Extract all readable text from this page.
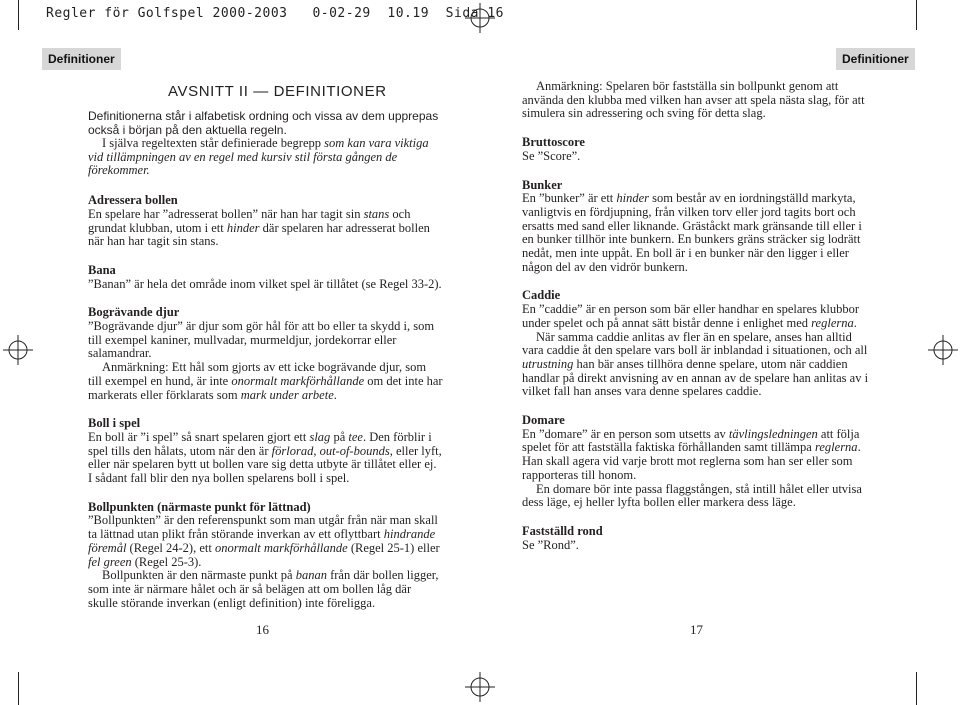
Regler för Golfspel 2000-2003   0-02-29  10.19  Sida 16
Definitioner	Definitioner
AVSNITT II — DEFINITIONER

Definitionerna står i alfabetisk ordning och vissa av dem upprepas också i början på den aktuella regeln.

I själva regeltexten står definierade begrepp som kan vara viktiga vid tillämpningen av en regel med kursiv stil första gången de förekommer.

Adressera bollen

En spelare har ”adresserat bollen” när han har tagit sin stans och grundat klubban, utom i ett hinder där spelaren har adresserat bollen när han har tagit sin stans.

Bana

”Banan” är hela det område inom vilket spel är tillåtet (se Regel 33-2).

Bogrävande djur

”Bogrävande djur” är djur som gör hål för att bo eller ta skydd i, som till exempel kaniner, mullvadar, murmeldjur, jordekorrar eller salamandrar.

Anmärkning: Ett hål som gjorts av ett icke bogrävande djur, som till exempel en hund, är inte onormalt markförhållande om det inte har markerats eller förklarats som mark under arbete.

Boll i spel

En boll är ”i spel” så snart spelaren gjort ett slag på tee. Den förblir i spel tills den hålats, utom när den är förlorad, out-of-bounds, eller lyft, eller när spelaren bytt ut bollen vare sig detta utbyte är tillåtet eller ej. I sådant fall blir den nya bollen spelarens boll i spel.

Bollpunkten (närmaste punkt för lättnad)

”Bollpunkten” är den referenspunkt som man utgår från när man skall ta lättnad utan plikt från störande inverkan av ett oflyttbart hindrande föremål (Regel 24-2), ett onormalt markförhållande (Regel 25-1) eller fel green (Regel 25-3).

Bollpunkten är den närmaste punkt på banan från där bollen ligger, som inte är närmare hålet och är så belägen att om bollen låg där skulle störande inverkan (enligt definition) inte föreligga.

16

Anmärkning: Spelaren bör fastställa sin bollpunkt genom att använda den klubba med vilken han avser att spela nästa slag, för att simulera sin adressering och sving för detta slag.

Bruttoscore

Se ”Score”.

Bunker

En ”bunker” är ett hinder som består av en iordningställd markyta, vanligtvis en fördjupning, från vilken torv eller jord tagits bort och ersatts med sand eller liknande. Gräståckt mark gränsande till eller i en bunker tillhör inte bunkern. En bunkers gräns sträcker sig lodrätt nedåt, men inte uppåt. En boll är i en bunker när den ligger i eller någon del av den vidrör bunkern.

Caddie

En ”caddie” är en person som bär eller handhar en spelares klubbor under spelet och på annat sätt bistår denne i enlighet med reglerna.

När samma caddie anlitas av fler än en spelare, anses han alltid vara caddie åt den spelare vars boll är inblandad i situationen, och all utrustning han bär anses tillhöra denne spelare, utom när caddien handlar på direkt anvisning av en annan av de spelare han anlitas av i vilket fall han anses vara denne spelares caddie.

Domare

En ”domare” är en person som utsetts av tävlingsledningen att följa spelet för att fastställa faktiska förhållanden samt tillämpa reglerna. Han skall agera vid varje brott mot reglerna som han ser eller som rapporteras till honom.

En domare bör inte passa flaggstången, stå intill hålet eller utvisa dess läge, ej heller lyfta bollen eller markera dess läge.

Fastställd rond

Se ”Rond”.

17
